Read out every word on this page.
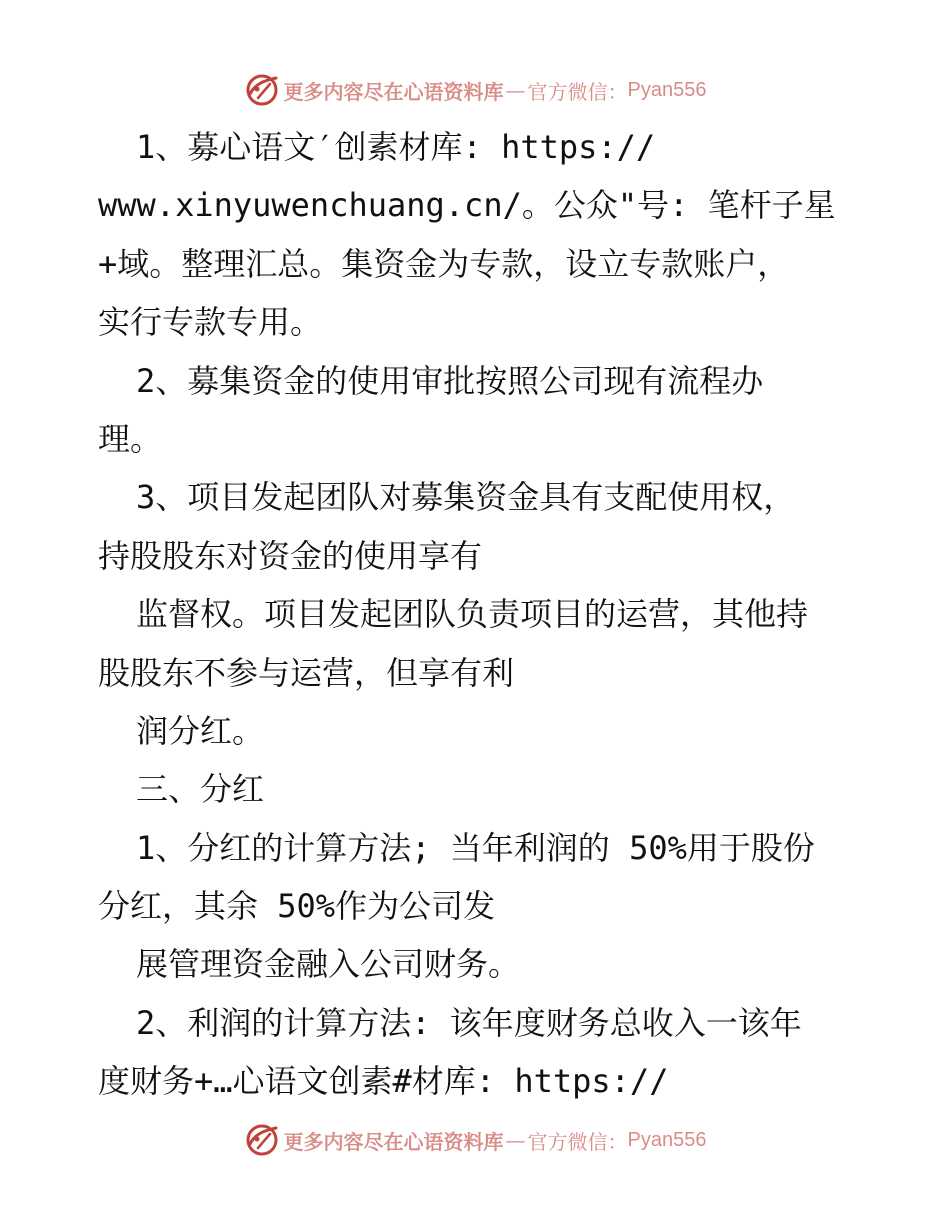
更多内容尽在心语资料库 — 官方微信： Pyan556
1、募心语文′创素材库: https://
www.xinyuwenchuang.cn/。公众"号: 笔杆子星
+域。整理汇总。集资金为专款，设立专款账户，
实行专款专用。
2、募集资金的使用审批按照公司现有流程办
理。
3、项目发起团队对募集资金具有支配使用权，
持股股东对资金的使用享有
监督权。项目发起团队负责项目的运营，其他持
股股东不参与运营，但享有利
润分红。
三、分红
1、分红的计算方法; 当年利润的 50%用于股份
分红，其余 50%作为公司发
展管理资金融入公司财务。
2、利润的计算方法: 该年度财务总收入一该年
度财务+…心语文创素#材库: https://
更多内容尽在心语资料库 — 官方微信： Pyan556
